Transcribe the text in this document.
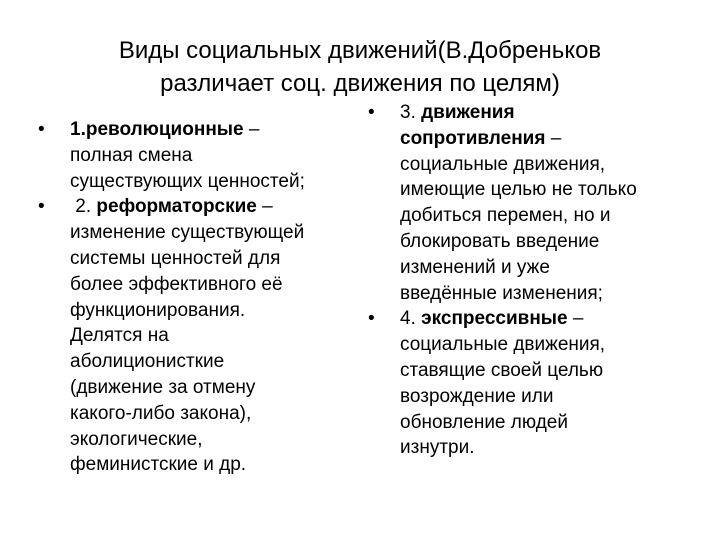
Виды социальных движений(В.Добреньков
различает соц. движения по целям)
• 1.революционные –
полная смена
существующих ценностей;
• 2. реформаторские –
изменение существующей
системы ценностей для
более эффективного её
функционирования.
Делятся на
аболиционисткие
(движение за отмену
какого-либо закона),
экологические,
феминистские и др.
• 3. движения
сопротивления –
социальные движения,
имеющие целью не только
добиться перемен, но и
блокировать введение
изменений и уже
введённые изменения;
• 4. экспрессивные –
социальные движения,
ставящие своей целью
возрождение или
обновление людей
изнутри.
